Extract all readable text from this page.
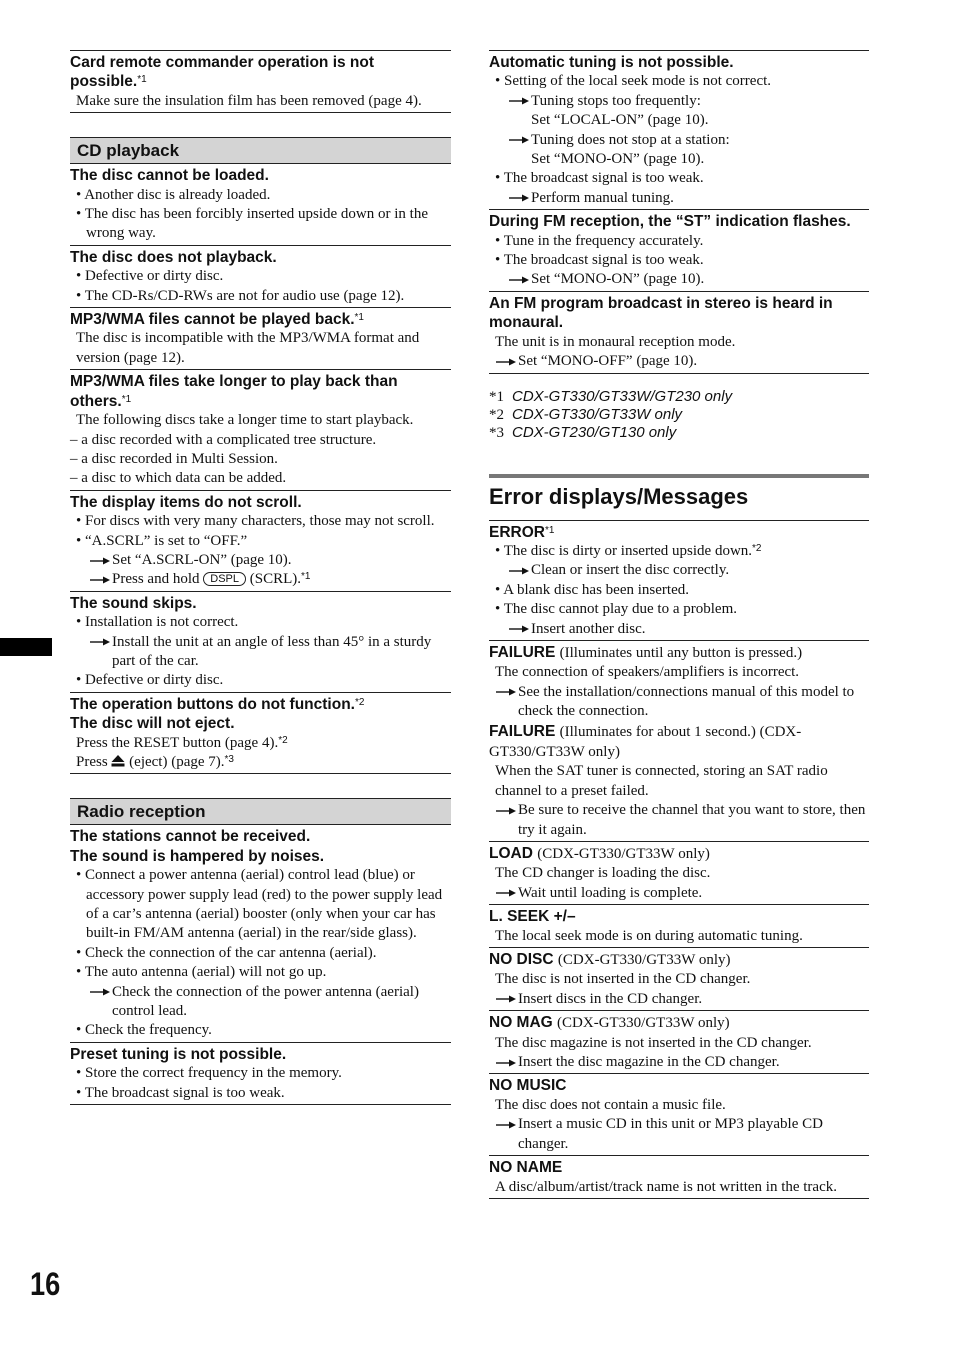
Card remote commander operation is not possible.$^{*1}$
Make sure the insulation film has been removed (page 4).
CD playback
The disc cannot be loaded.
• Another disc is already loaded.
• The disc has been forcibly inserted upside down or in the wrong way.
The disc does not playback.
• Defective or dirty disc.
• The CD-Rs/CD-RWs are not for audio use (page 12).
MP3/WMA files cannot be played back.$^{*1}$
The disc is incompatible with the MP3/WMA format and version (page 12).
MP3/WMA files take longer to play back than others.$^{*1}$
The following discs take a longer time to start playback.
– a disc recorded with a complicated tree structure.
– a disc recorded in Multi Session.
– a disc to which data can be added.
The display items do not scroll.
• For discs with very many characters, those may not scroll.
• “A.SCRL” is set to “OFF.”
Set “A.SCRL-ON” (page 10).
Press and hold DSPL (SCRL).$^{*1}$
The sound skips.
• Installation is not correct.
Install the unit at an angle of less than 45° in a sturdy part of the car.
• Defective or dirty disc.
The operation buttons do not function.$^{*2}$
The disc will not eject.
Press the RESET button (page 4).$^{*2}$
Press (eject) (page 7).$^{*3}$
Radio reception
The stations cannot be received.
The sound is hampered by noises.
• Connect a power antenna (aerial) control lead (blue) or accessory power supply lead (red) to the power supply lead of a car’s antenna (aerial) booster (only when your car has built-in FM/AM antenna (aerial) in the rear/side glass).
• Check the connection of the car antenna (aerial).
• The auto antenna (aerial) will not go up.
Check the connection of the power antenna (aerial) control lead.
• Check the frequency.
Preset tuning is not possible.
• Store the correct frequency in the memory.
• The broadcast signal is too weak.
Automatic tuning is not possible.
• Setting of the local seek mode is not correct.
Tuning stops too frequently:
Set “LOCAL-ON” (page 10).
Tuning does not stop at a station:
Set “MONO-ON” (page 10).
• The broadcast signal is too weak.
Perform manual tuning.
During FM reception, the “ST” indication flashes.
• Tune in the frequency accurately.
• The broadcast signal is too weak.
Set “MONO-ON” (page 10).
An FM program broadcast in stereo is heard in monaural.
The unit is in monaural reception mode.
Set “MONO-OFF” (page 10).
*1 CDX-GT330/GT33W/GT230 only
*2 CDX-GT330/GT33W only
*3 CDX-GT230/GT130 only
Error displays/Messages
ERROR$^{*1}$
• The disc is dirty or inserted upside down.$^{*2}$
Clean or insert the disc correctly.
• A blank disc has been inserted.
• The disc cannot play due to a problem.
Insert another disc.
FAILURE (Illuminates until any button is pressed.)
The connection of speakers/amplifiers is incorrect.
See the installation/connections manual of this model to check the connection.
FAILURE (Illuminates for about 1 second.) (CDX-GT330/GT33W only)
When the SAT tuner is connected, storing an SAT radio channel to a preset failed.
Be sure to receive the channel that you want to store, then try it again.
LOAD (CDX-GT330/GT33W only)
The CD changer is loading the disc.
Wait until loading is complete.
L. SEEK +/–
The local seek mode is on during automatic tuning.
NO DISC (CDX-GT330/GT33W only)
The disc is not inserted in the CD changer.
Insert discs in the CD changer.
NO MAG (CDX-GT330/GT33W only)
The disc magazine is not inserted in the CD changer.
Insert the disc magazine in the CD changer.
NO MUSIC
The disc does not contain a music file.
Insert a music CD in this unit or MP3 playable CD changer.
NO NAME
A disc/album/artist/track name is not written in the track.
16
